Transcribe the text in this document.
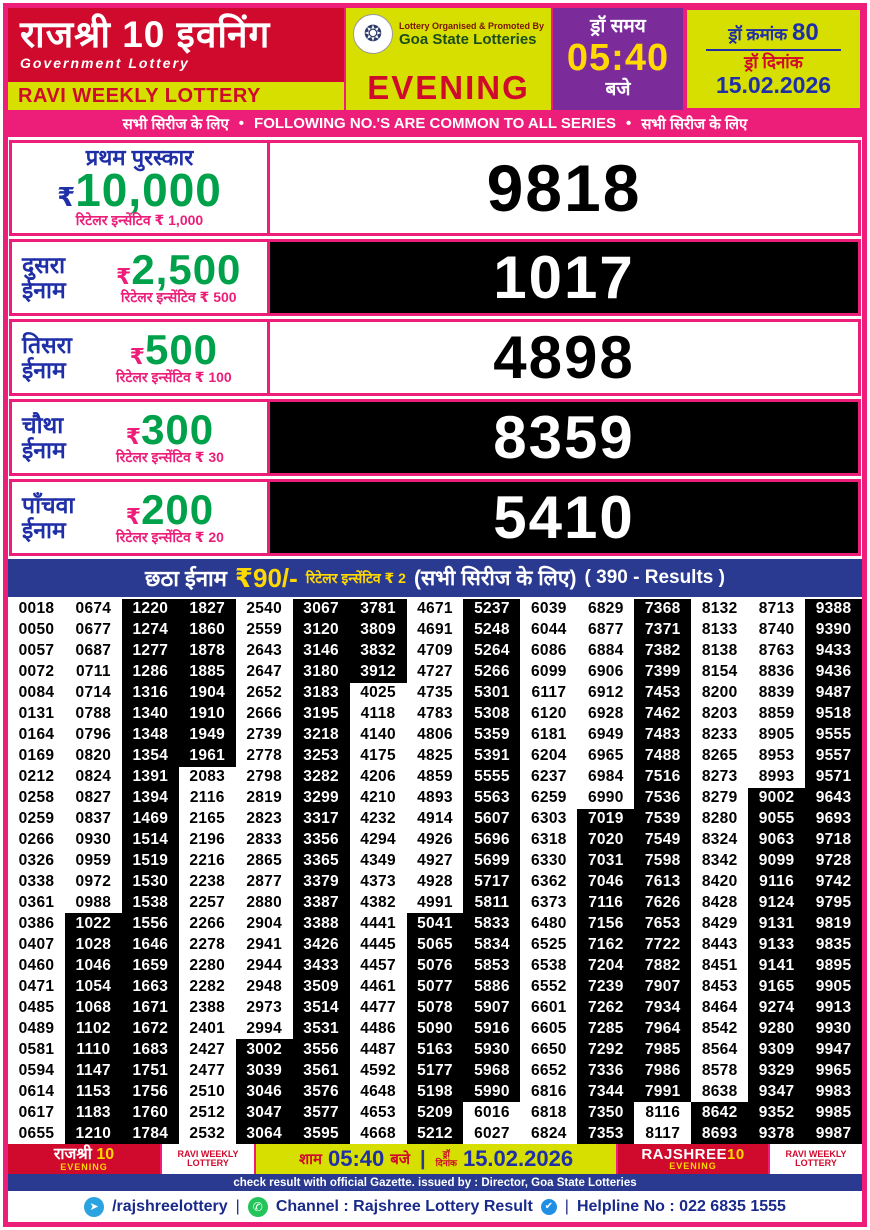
राजश्री 10 इवनिंग
Government Lottery
RAVI WEEKLY LOTTERY
❂	Lottery Organised & Promoted By
Goa State Lotteries
EVENING
ड्रॉ समय
05:40
बजे
ड्रॉ क्रमांक 80
ड्रॉ दिनांक
15.02.2026
सभी सिरीज के लिए • FOLLOWING NO.'S ARE COMMON TO ALL SERIES • सभी सिरीज के लिए
प्रथम पुरस्कार
₹10,000
रिटेलर इन्सेंटिव ₹ 1,000	9818
दुसरा
ईनाम
₹2,500
रिटेलर इन्सेंटिव ₹ 500	1017
तिसरा
ईनाम
₹500
रिटेलर इन्सेंटिव ₹ 100	4898
चौथा
ईनाम
₹300
रिटेलर इन्सेंटिव ₹ 30	8359
पाँचवा
ईनाम
₹200
रिटेलर इन्सेंटिव ₹ 20	5410
छठा ईनाम ₹90/- रिटेलर इन्सेंटिव ₹ 2 (सभी सिरीज के लिए) ( 390 - Results )
0018	0674	1220	1827	2540	3067	3781	4671	5237	6039	6829	7368	8132	8713	9388
0050	0677	1274	1860	2559	3120	3809	4691	5248	6044	6877	7371	8133	8740	9390
0057	0687	1277	1878	2643	3146	3832	4709	5264	6086	6884	7382	8138	8763	9433
0072	0711	1286	1885	2647	3180	3912	4727	5266	6099	6906	7399	8154	8836	9436
0084	0714	1316	1904	2652	3183	4025	4735	5301	6117	6912	7453	8200	8839	9487
0131	0788	1340	1910	2666	3195	4118	4783	5308	6120	6928	7462	8203	8859	9518
0164	0796	1348	1949	2739	3218	4140	4806	5359	6181	6949	7483	8233	8905	9555
0169	0820	1354	1961	2778	3253	4175	4825	5391	6204	6965	7488	8265	8953	9557
0212	0824	1391	2083	2798	3282	4206	4859	5555	6237	6984	7516	8273	8993	9571
0258	0827	1394	2116	2819	3299	4210	4893	5563	6259	6990	7536	8279	9002	9643
0259	0837	1469	2165	2823	3317	4232	4914	5607	6303	7019	7539	8280	9055	9693
0266	0930	1514	2196	2833	3356	4294	4926	5696	6318	7020	7549	8324	9063	9718
0326	0959	1519	2216	2865	3365	4349	4927	5699	6330	7031	7598	8342	9099	9728
0338	0972	1530	2238	2877	3379	4373	4928	5717	6362	7046	7613	8420	9116	9742
0361	0988	1538	2257	2880	3387	4382	4991	5811	6373	7116	7626	8428	9124	9795
0386	1022	1556	2266	2904	3388	4441	5041	5833	6480	7156	7653	8429	9131	9819
0407	1028	1646	2278	2941	3426	4445	5065	5834	6525	7162	7722	8443	9133	9835
0460	1046	1659	2280	2944	3433	4457	5076	5853	6538	7204	7882	8451	9141	9895
0471	1054	1663	2282	2948	3509	4461	5077	5886	6552	7239	7907	8453	9165	9905
0485	1068	1671	2388	2973	3514	4477	5078	5907	6601	7262	7934	8464	9274	9913
0489	1102	1672	2401	2994	3531	4486	5090	5916	6605	7285	7964	8542	9280	9930
0581	1110	1683	2427	3002	3556	4487	5163	5930	6650	7292	7985	8564	9309	9947
0594	1147	1751	2477	3039	3561	4592	5177	5968	6652	7336	7986	8578	9329	9965
0614	1153	1756	2510	3046	3576	4648	5198	5990	6816	7344	7991	8638	9347	9983
0617	1183	1760	2512	3047	3577	4653	5209	6016	6818	7350	8116	8642	9352	9985
0655	1210	1784	2532	3064	3595	4668	5212	6027	6824	7353	8117	8693	9378	9987
राजश्री 10
EVENING
RAVI WEEKLY LOTTERY	शाम 05:40 बजे |	ड्रॉ
दिनांक 15.02.2026	RAJSHREE10
EVENING
RAVI WEEKLY LOTTERY
check result with official Gazette. issued by : Director, Goa State Lotteries
➤ /rajshreelottery |	✆ Channel : Rajshree Lottery Result	✔ | Helpline No : 022 6835 1555
